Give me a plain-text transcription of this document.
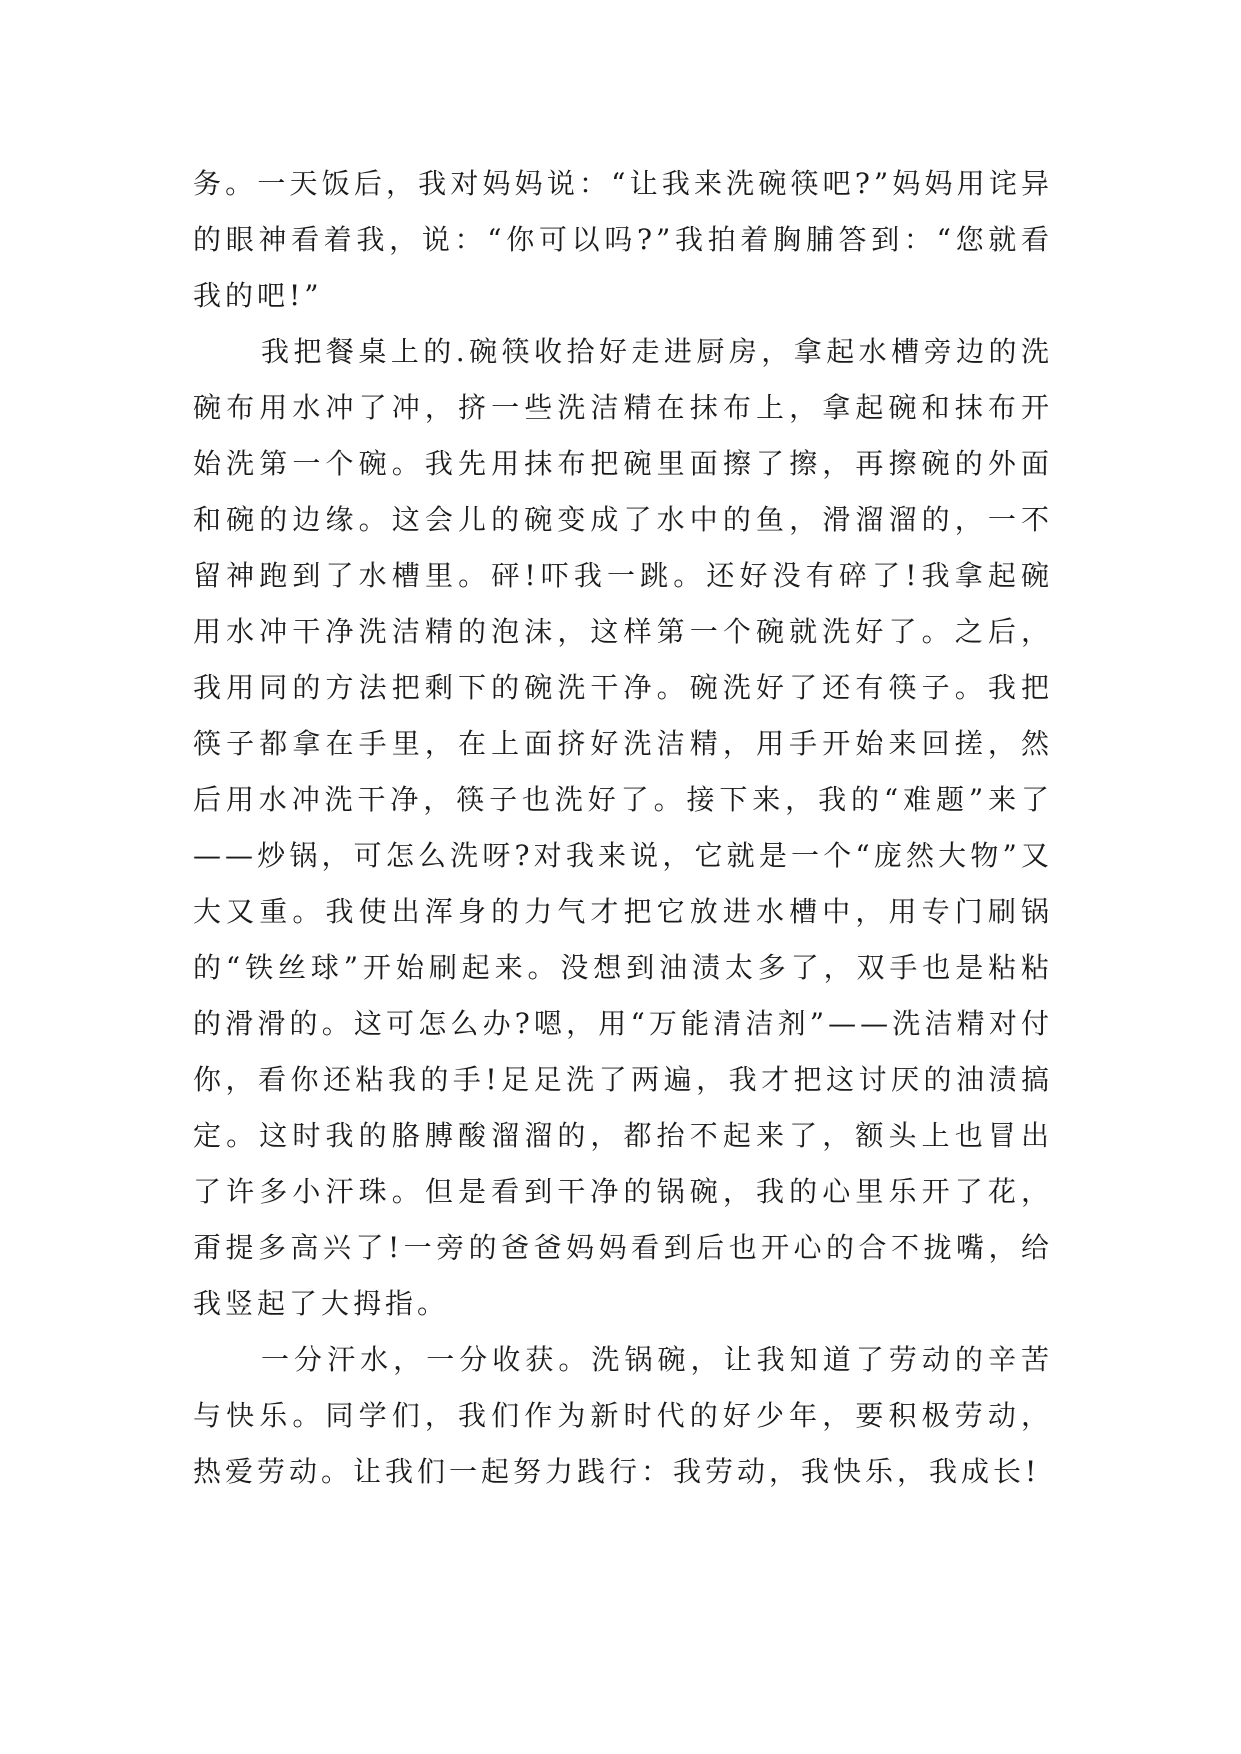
务。一天饭后，我对妈妈说：“让我来洗碗筷吧?”妈妈用诧异的眼神看着我，说：“你可以吗?”我拍着胸脯答到：“您就看我的吧!”

我把餐桌上的.碗筷收拾好走进厨房，拿起水槽旁边的洗碗布用水冲了冲，挤一些洗洁精在抹布上，拿起碗和抹布开始洗第一个碗。我先用抹布把碗里面擦了擦，再擦碗的外面和碗的边缘。这会儿的碗变成了水中的鱼，滑溜溜的，一不留神跑到了水槽里。砰!吓我一跳。还好没有碎了!我拿起碗用水冲干净洗洁精的泡沫，这样第一个碗就洗好了。之后，我用同的方法把剩下的碗洗干净。碗洗好了还有筷子。我把筷子都拿在手里，在上面挤好洗洁精，用手开始来回搓，然后用水冲洗干净，筷子也洗好了。接下来，我的“难题”来了——炒锅，可怎么洗呀?对我来说，它就是一个“庞然大物”又大又重。我使出浑身的力气才把它放进水槽中，用专门刷锅的“铁丝球”开始刷起来。没想到油渍太多了，双手也是粘粘的滑滑的。这可怎么办?嗯，用“万能清洁剂”——洗洁精对付你，看你还粘我的手!足足洗了两遍，我才把这讨厌的油渍搞定。这时我的胳膊酸溜溜的，都抬不起来了，额头上也冒出了许多小汗珠。但是看到干净的锅碗，我的心里乐开了花，甭提多高兴了!一旁的爸爸妈妈看到后也开心的合不拢嘴，给我竖起了大拇指。

一分汗水，一分收获。洗锅碗，让我知道了劳动的辛苦与快乐。同学们，我们作为新时代的好少年，要积极劳动，热爱劳动。让我们一起努力践行：我劳动，我快乐，我成长!
